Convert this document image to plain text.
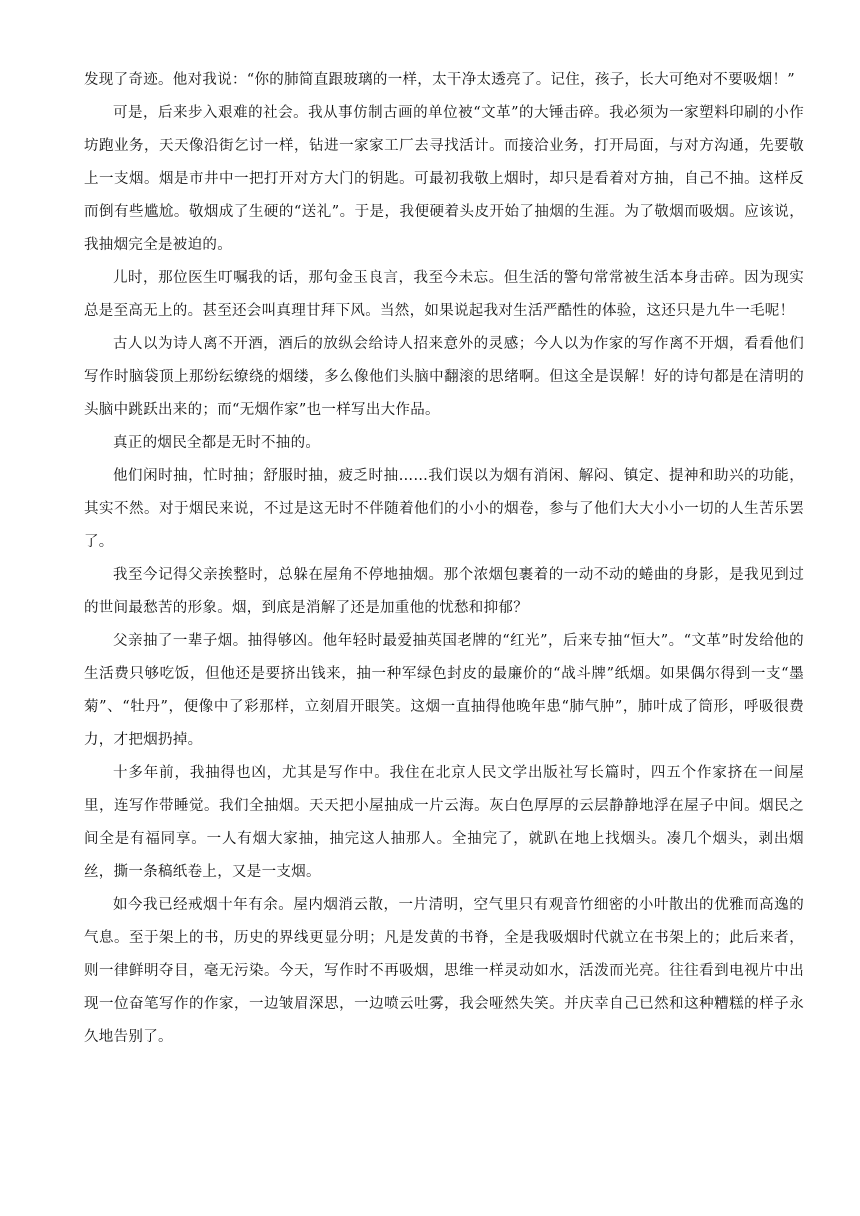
发现了奇迹。他对我说：“你的肺简直跟玻璃的一样，太干净太透亮了。记住，孩子，长大可绝对不要吸烟！”

可是，后来步入艰难的社会。我从事仿制古画的单位被“文革”的大锤击碎。我必须为一家塑料印刷的小作坊跑业务，天天像沿街乞讨一样，钻进一家家工厂去寻找活计。而接洽业务，打开局面，与对方沟通，先要敬上一支烟。烟是市井中一把打开对方大门的钥匙。可最初我敬上烟时，却只是看着对方抽，自己不抽。这样反而倒有些尴尬。敬烟成了生硬的“送礼”。于是，我便硬着头皮开始了抽烟的生涯。为了敬烟而吸烟。应该说，我抽烟完全是被迫的。

儿时，那位医生叮嘱我的话，那句金玉良言，我至今未忘。但生活的警句常常被生活本身击碎。因为现实总是至高无上的。甚至还会叫真理甘拜下风。当然，如果说起我对生活严酷性的体验，这还只是九牛一毛呢！

古人以为诗人离不开酒，酒后的放纵会给诗人招来意外的灵感；今人以为作家的写作离不开烟，看看他们写作时脑袋顶上那纷纭缭绕的烟缕，多么像他们头脑中翻滚的思绪啊。但这全是误解！好的诗句都是在清明的头脑中跳跃出来的；而“无烟作家”也一样写出大作品。

真正的烟民全都是无时不抽的。

他们闲时抽，忙时抽；舒服时抽，疲乏时抽……我们误以为烟有消闲、解闷、镇定、提神和助兴的功能，其实不然。对于烟民来说，不过是这无时不伴随着他们的小小的烟卷，参与了他们大大小小一切的人生苦乐罢了。

我至今记得父亲挨整时，总躲在屋角不停地抽烟。那个浓烟包裹着的一动不动的蜷曲的身影，是我见到过的世间最愁苦的形象。烟，到底是消解了还是加重他的忧愁和抑郁？

父亲抽了一辈子烟。抽得够凶。他年轻时最爱抽英国老牌的“红光”，后来专抽“恒大”。“文革”时发给他的生活费只够吃饭，但他还是要挤出钱来，抽一种军绿色封皮的最廉价的“战斗牌”纸烟。如果偶尔得到一支“墨菊”、“牡丹”，便像中了彩那样，立刻眉开眼笑。这烟一直抽得他晚年患“肺气肿”，肺叶成了筒形，呼吸很费力，才把烟扔掉。

十多年前，我抽得也凶，尤其是写作中。我住在北京人民文学出版社写长篇时，四五个作家挤在一间屋里，连写作带睡觉。我们全抽烟。天天把小屋抽成一片云海。灰白色厚厚的云层静静地浮在屋子中间。烟民之间全是有福同享。一人有烟大家抽，抽完这人抽那人。全抽完了，就趴在地上找烟头。凑几个烟头，剥出烟丝，撕一条稿纸卷上，又是一支烟。

如今我已经戒烟十年有余。屋内烟消云散，一片清明，空气里只有观音竹细密的小叶散出的优雅而高逸的气息。至于架上的书，历史的界线更显分明；凡是发黄的书脊，全是我吸烟时代就立在书架上的；此后来者，则一律鲜明夺目，毫无污染。今天，写作时不再吸烟，思维一样灵动如水，活泼而光亮。往往看到电视片中出现一位奋笔写作的作家，一边皱眉深思，一边喷云吐雾，我会哑然失笑。并庆幸自己已然和这种糟糕的样子永久地告别了。
